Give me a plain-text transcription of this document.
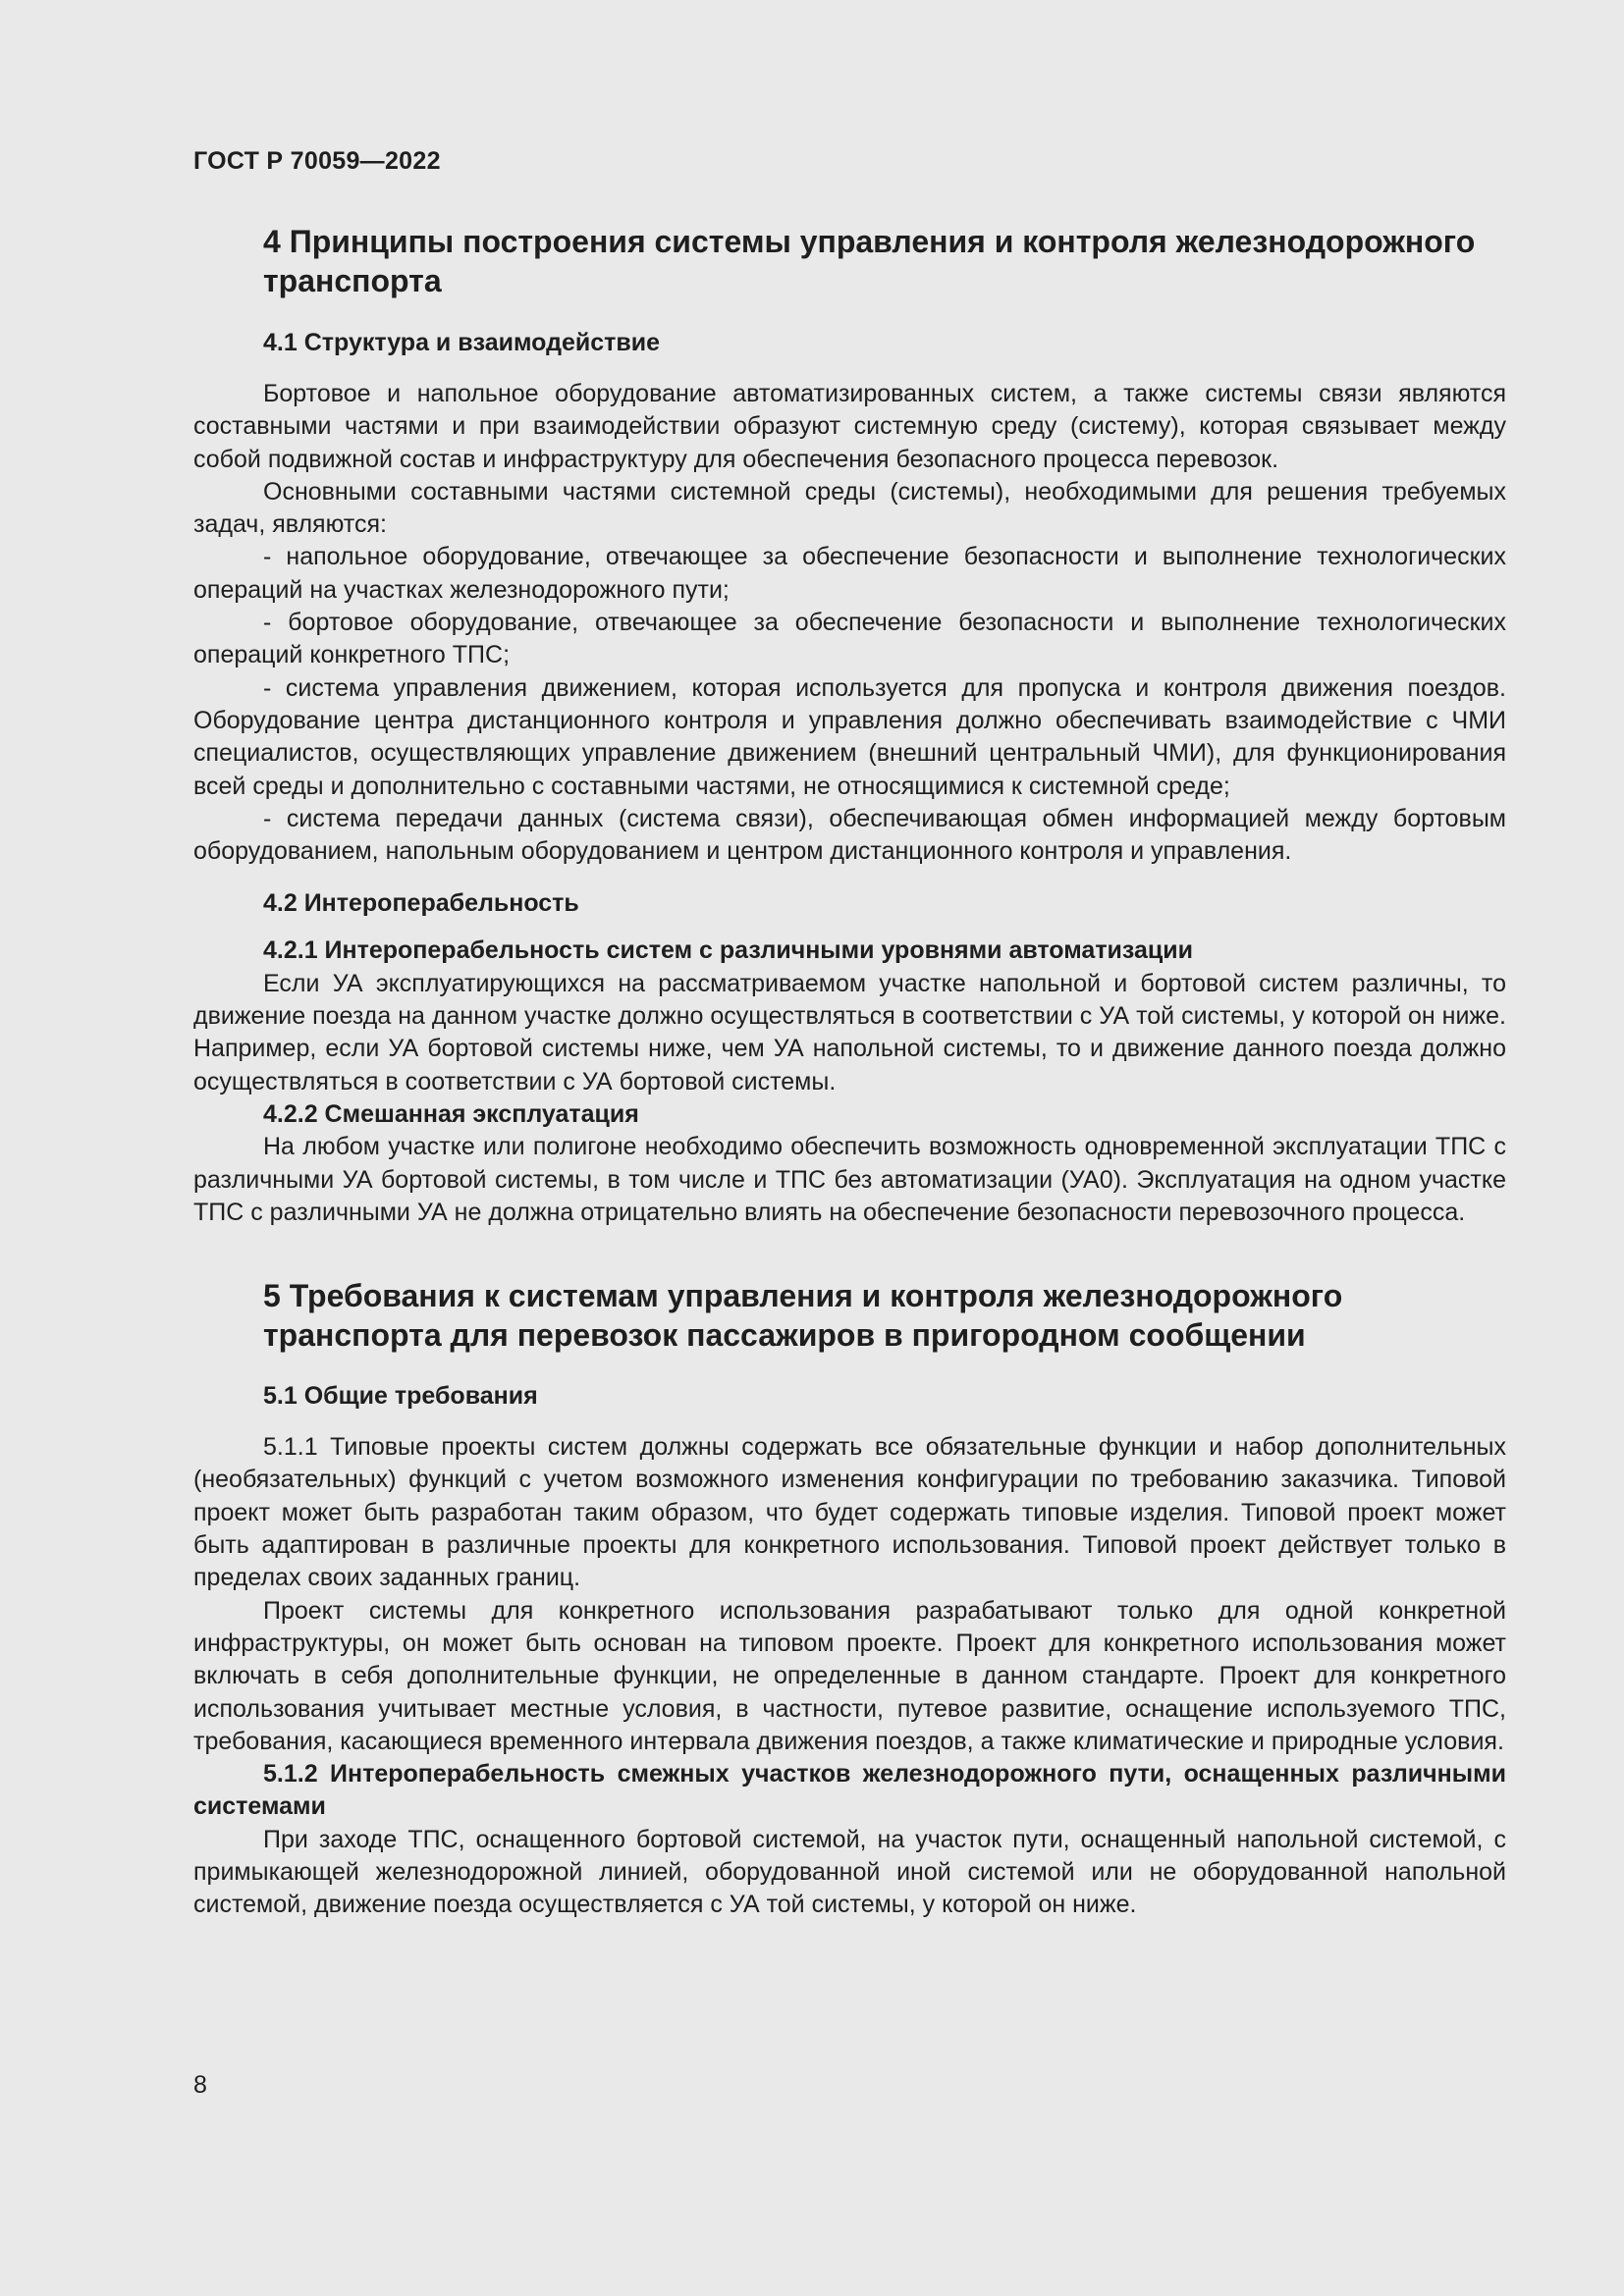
ГОСТ Р 70059—2022
4 Принципы построения системы управления и контроля железнодорожного транспорта
4.1 Структура и взаимодействие

Бортовое и напольное оборудование автоматизированных систем, а также системы связи являются составными частями и при взаимодействии образуют системную среду (систему), которая связывает между собой подвижной состав и инфраструктуру для обеспечения безопасного процесса перевозок.

Основными составными частями системной среды (системы), необходимыми для решения требуемых задач, являются:

- напольное оборудование, отвечающее за обеспечение безопасности и выполнение технологических операций на участках железнодорожного пути;

- бортовое оборудование, отвечающее за обеспечение безопасности и выполнение технологических операций конкретного ТПС;

- система управления движением, которая используется для пропуска и контроля движения поездов. Оборудование центра дистанционного контроля и управления должно обеспечивать взаимодействие с ЧМИ специалистов, осуществляющих управление движением (внешний центральный ЧМИ), для функционирования всей среды и дополнительно с составными частями, не относящимися к системной среде;

- система передачи данных (система связи), обеспечивающая обмен информацией между бортовым оборудованием, напольным оборудованием и центром дистанционного контроля и управления.

4.2 Интероперабельность

4.2.1 Интероперабельность систем с различными уровнями автоматизации

Если УА эксплуатирующихся на рассматриваемом участке напольной и бортовой систем различны, то движение поезда на данном участке должно осуществляться в соответствии с УА той системы, у которой он ниже. Например, если УА бортовой системы ниже, чем УА напольной системы, то и движение данного поезда должно осуществляться в соответствии с УА бортовой системы.

4.2.2 Смешанная эксплуатация

На любом участке или полигоне необходимо обеспечить возможность одновременной эксплуатации ТПС с различными УА бортовой системы, в том числе и ТПС без автоматизации (УА0). Эксплуатация на одном участке ТПС с различными УА не должна отрицательно влиять на обеспечение безопасности перевозочного процесса.

5 Требования к системам управления и контроля железнодорожного транспорта для перевозок пассажиров в пригородном сообщении
5.1 Общие требования

5.1.1 Типовые проекты систем должны содержать все обязательные функции и набор дополнительных (необязательных) функций с учетом возможного изменения конфигурации по требованию заказчика. Типовой проект может быть разработан таким образом, что будет содержать типовые изделия. Типовой проект может быть адаптирован в различные проекты для конкретного использования. Типовой проект действует только в пределах своих заданных границ.

Проект системы для конкретного использования разрабатывают только для одной конкретной инфраструктуры, он может быть основан на типовом проекте. Проект для конкретного использования может включать в себя дополнительные функции, не определенные в данном стандарте. Проект для конкретного использования учитывает местные условия, в частности, путевое развитие, оснащение используемого ТПС, требования, касающиеся временного интервала движения поездов, а также климатические и природные условия.

5.1.2 Интероперабельность смежных участков железнодорожного пути, оснащенных различными системами

При заходе ТПС, оснащенного бортовой системой, на участок пути, оснащенный напольной системой, с примыкающей железнодорожной линией, оборудованной иной системой или не оборудованной напольной системой, движение поезда осуществляется с УА той системы, у которой он ниже.

8
